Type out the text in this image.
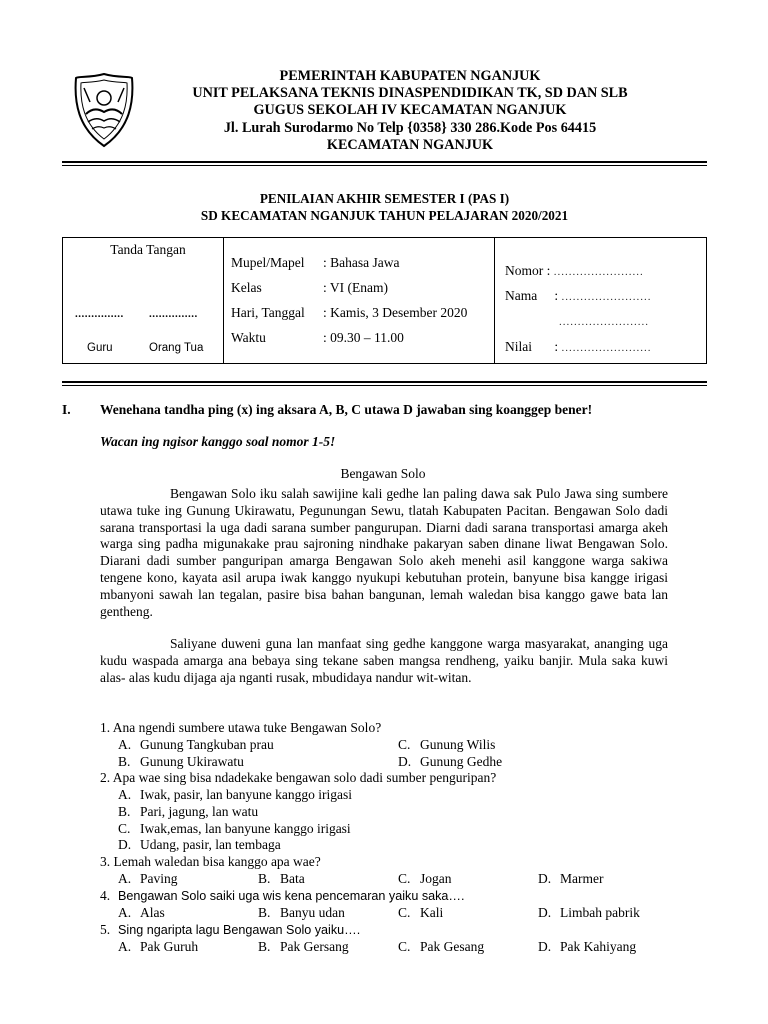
PEMERINTAH KABUPATEN NGANJUK
UNIT PELAKSANA TEKNIS DINASPENDIDIKAN TK, SD DAN SLB
GUGUS SEKOLAH IV KECAMATAN NGANJUK
Jl. Lurah Surodarmo No Telp {0358} 330 286.Kode Pos 64415
KECAMATAN NGANJUK
PENILAIAN AKHIR SEMESTER I (PAS I)
SD KECAMATAN NGANJUK TAHUN PELAJARAN 2020/2021
Tanda Tangan
............... ...............
Guru	Orang Tua
Mupel/Mapel : Bahasa Jawa
Kelas	: VI (Enam)
Hari, Tanggal : Kamis, 3 Desember 2020
Waktu	: 09.30 – 11.00
Nomor : ........................
Nama : ........................
........................
Nilai : ........................
I. Wenehana tandha ping (x) ing aksara A, B, C utawa D jawaban sing koanggep bener!
Wacan ing ngisor kanggo soal nomor 1-5!
Bengawan Solo

Bengawan Solo iku salah sawijine kali gedhe lan paling dawa sak Pulo Jawa sing sumbere utawa tuke ing Gunung Ukirawatu, Pegunungan Sewu, tlatah Kabupaten Pacitan. Bengawan Solo dadi sarana transportasi la uga dadi sarana sumber pangurupan. Diarni dadi sarana transportasi amarga akeh warga sing padha migunakake prau sajroning nindhake pakaryan saben dinane liwat Bengawan Solo. Diarani dadi sumber panguripan amarga Bengawan Solo akeh menehi asil kanggone warga sakiwa tengene kono, kayata asil arupa iwak kanggo nyukupi kebutuhan protein, banyune bisa kangge irigasi mbanyoni sawah lan tegalan, pasire bisa bahan bangunan, lemah waledan bisa kanggo gawe bata lan gentheng.

Saliyane duweni guna lan manfaat sing gedhe kanggone warga masyarakat, ananging uga kudu waspada amarga ana bebaya sing tekane saben mangsa rendheng, yaiku banjir. Mula saka kuwi alas- alas kudu dijaga aja nganti rusak, mbudidaya nandur wit-witan.

1. Ana ngendi sumbere utawa tuke Bengawan Solo?
A. Gunung Tangkuban prau	C. Gunung Wilis
B. Gunung Ukirawatu	D. Gunung Gedhe
2. Apa wae sing bisa ndadekake bengawan solo dadi sumber penguripan?
A. Iwak, pasir, lan banyune kanggo irigasi
B. Pari, jagung, lan watu
C. Iwak,emas, lan banyune kanggo irigasi
D. Udang, pasir, lan tembaga
3. Lemah waledan bisa kanggo apa wae?
A. Paving	B. Bata	C. Jogan	D. Marmer
4. Bengawan Solo saiki uga wis kena pencemaran yaiku saka….
A. Alas	B. Banyu udan	C. Kali	D. Limbah pabrik
5. Sing ngaripta lagu Bengawan Solo yaiku….
A. Pak Guruh	B. Pak Gersang	C. Pak Gesang	D. Pak Kahiyang
